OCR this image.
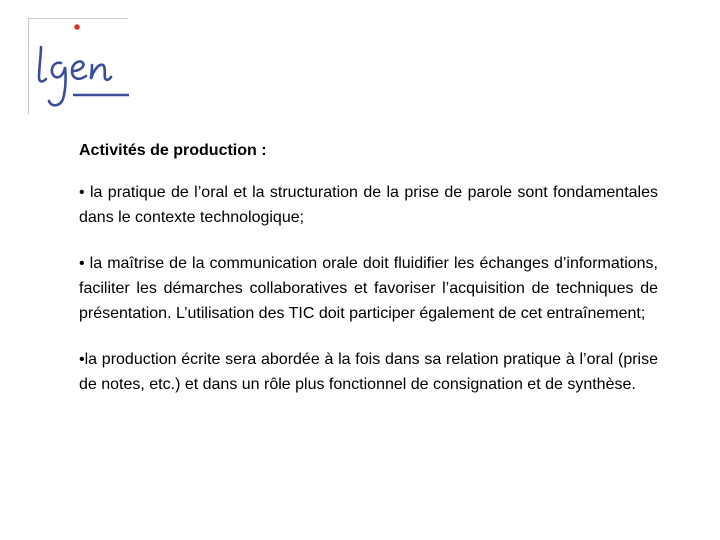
Activités de production :
• la pratique de l’oral et la structuration de la prise de parole sont fondamentales dans le contexte technologique;
• la maîtrise de la communication orale doit fluidifier les échanges d’informations, faciliter les démarches collaboratives et favoriser l’acquisition de techniques de présentation. L’utilisation des TIC doit participer également de cet entraînement;
•la production écrite sera abordée à la fois dans sa relation pratique à l’oral (prise de notes, etc.) et dans un rôle plus fonctionnel de consignation et de synthèse.
